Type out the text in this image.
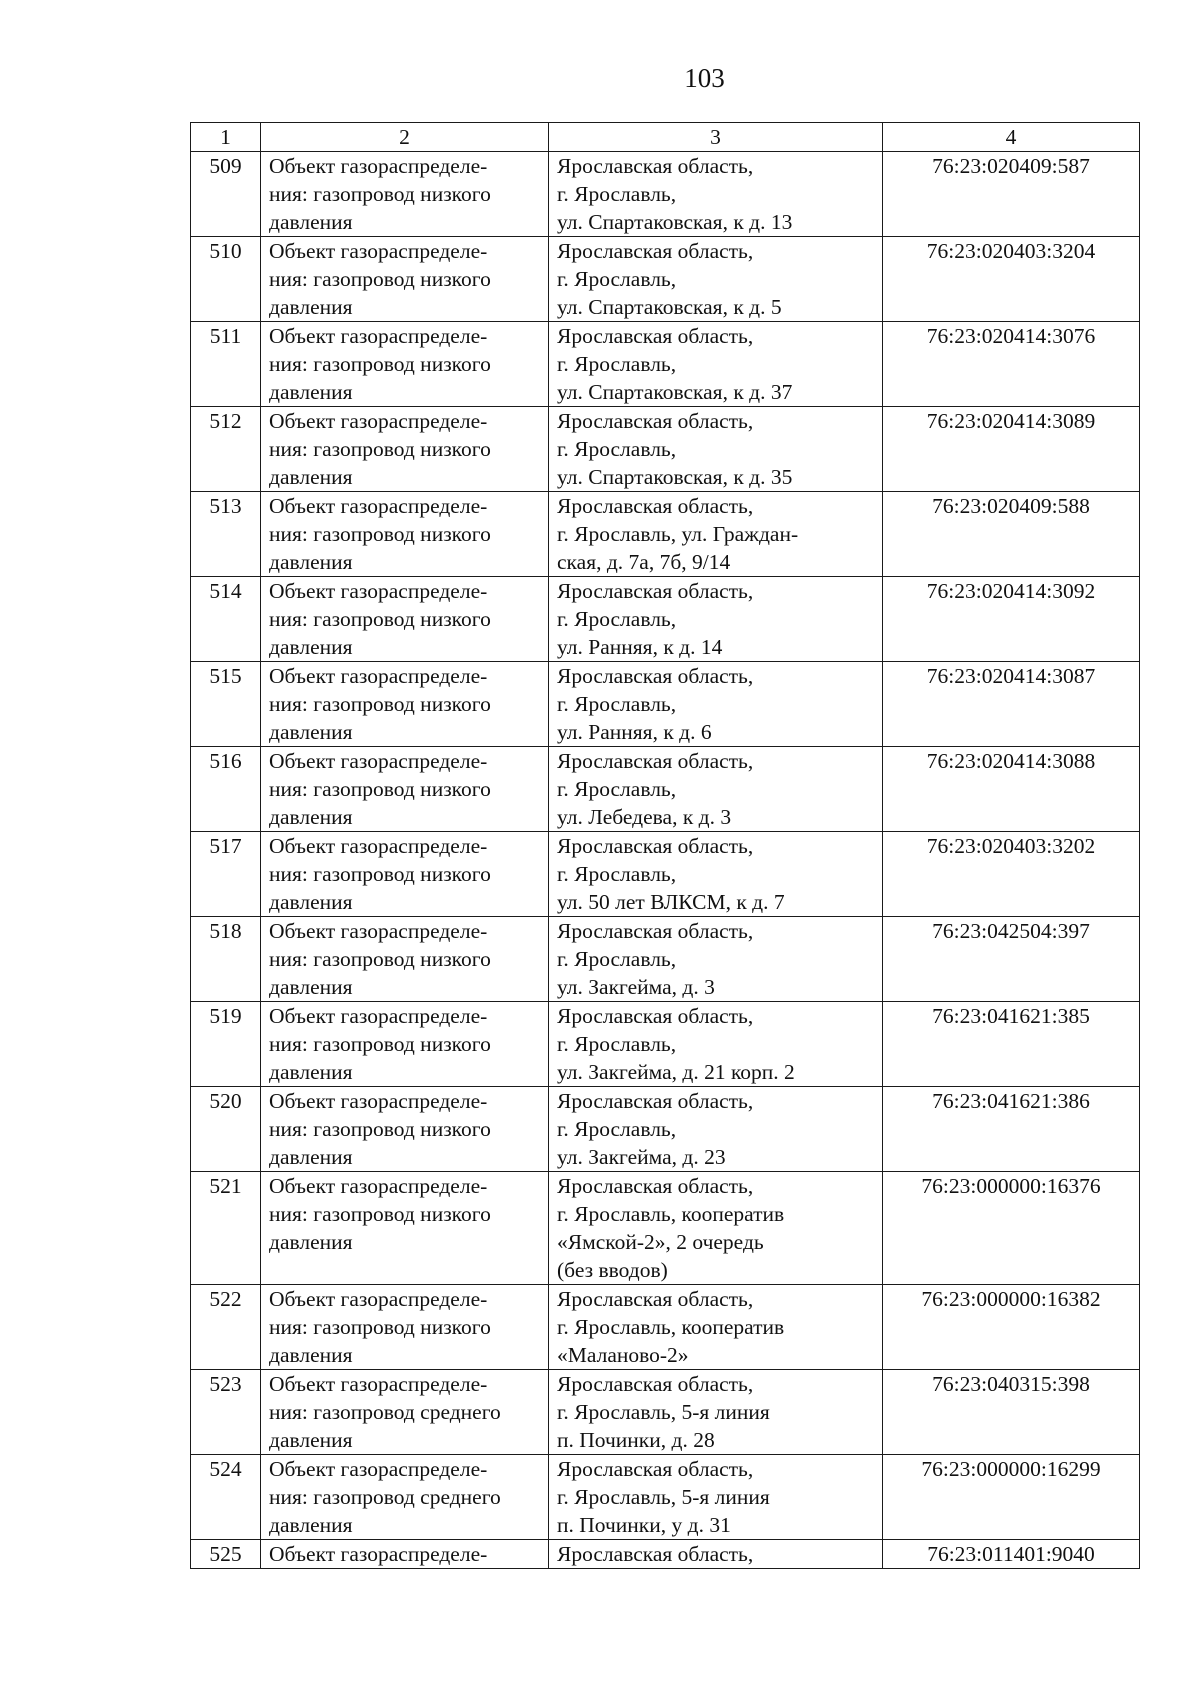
103
1	2	3	4
509	Объект газораспределе-
ния: газопровод низкого
давления	Ярославская область,
г. Ярославль,
ул. Спартаковская, к д. 13	76:23:020409:587
510	Объект газораспределе-
ния: газопровод низкого
давления	Ярославская область,
г. Ярославль,
ул. Спартаковская, к д. 5	76:23:020403:3204
511	Объект газораспределе-
ния: газопровод низкого
давления	Ярославская область,
г. Ярославль,
ул. Спартаковская, к д. 37	76:23:020414:3076
512	Объект газораспределе-
ния: газопровод низкого
давления	Ярославская область,
г. Ярославль,
ул. Спартаковская, к д. 35	76:23:020414:3089
513	Объект газораспределе-
ния: газопровод низкого
давления	Ярославская область,
г. Ярославль, ул. Граждан-
ская, д. 7а, 7б, 9/14	76:23:020409:588
514	Объект газораспределе-
ния: газопровод низкого
давления	Ярославская область,
г. Ярославль,
ул. Ранняя, к д. 14	76:23:020414:3092
515	Объект газораспределе-
ния: газопровод низкого
давления	Ярославская область,
г. Ярославль,
ул. Ранняя, к д. 6	76:23:020414:3087
516	Объект газораспределе-
ния: газопровод низкого
давления	Ярославская область,
г. Ярославль,
ул. Лебедева, к д. 3	76:23:020414:3088
517	Объект газораспределе-
ния: газопровод низкого
давления	Ярославская область,
г. Ярославль,
ул. 50 лет ВЛКСМ, к д. 7	76:23:020403:3202
518	Объект газораспределе-
ния: газопровод низкого
давления	Ярославская область,
г. Ярославль,
ул. Закгейма, д. 3	76:23:042504:397
519	Объект газораспределе-
ния: газопровод низкого
давления	Ярославская область,
г. Ярославль,
ул. Закгейма, д. 21 корп. 2	76:23:041621:385
520	Объект газораспределе-
ния: газопровод низкого
давления	Ярославская область,
г. Ярославль,
ул. Закгейма, д. 23	76:23:041621:386
521	Объект газораспределе-
ния: газопровод низкого
давления	Ярославская область,
г. Ярославль, кооператив
«Ямской-2», 2 очередь
(без вводов)	76:23:000000:16376
522	Объект газораспределе-
ния: газопровод низкого
давления	Ярославская область,
г. Ярославль, кооператив
«Маланово-2»	76:23:000000:16382
523	Объект газораспределе-
ния: газопровод среднего
давления	Ярославская область,
г. Ярославль, 5-я линия
п. Починки, д. 28	76:23:040315:398
524	Объект газораспределе-
ния: газопровод среднего
давления	Ярославская область,
г. Ярославль, 5-я линия
п. Починки, у д. 31	76:23:000000:16299
525	Объект газораспределе-	Ярославская область,	76:23:011401:9040
